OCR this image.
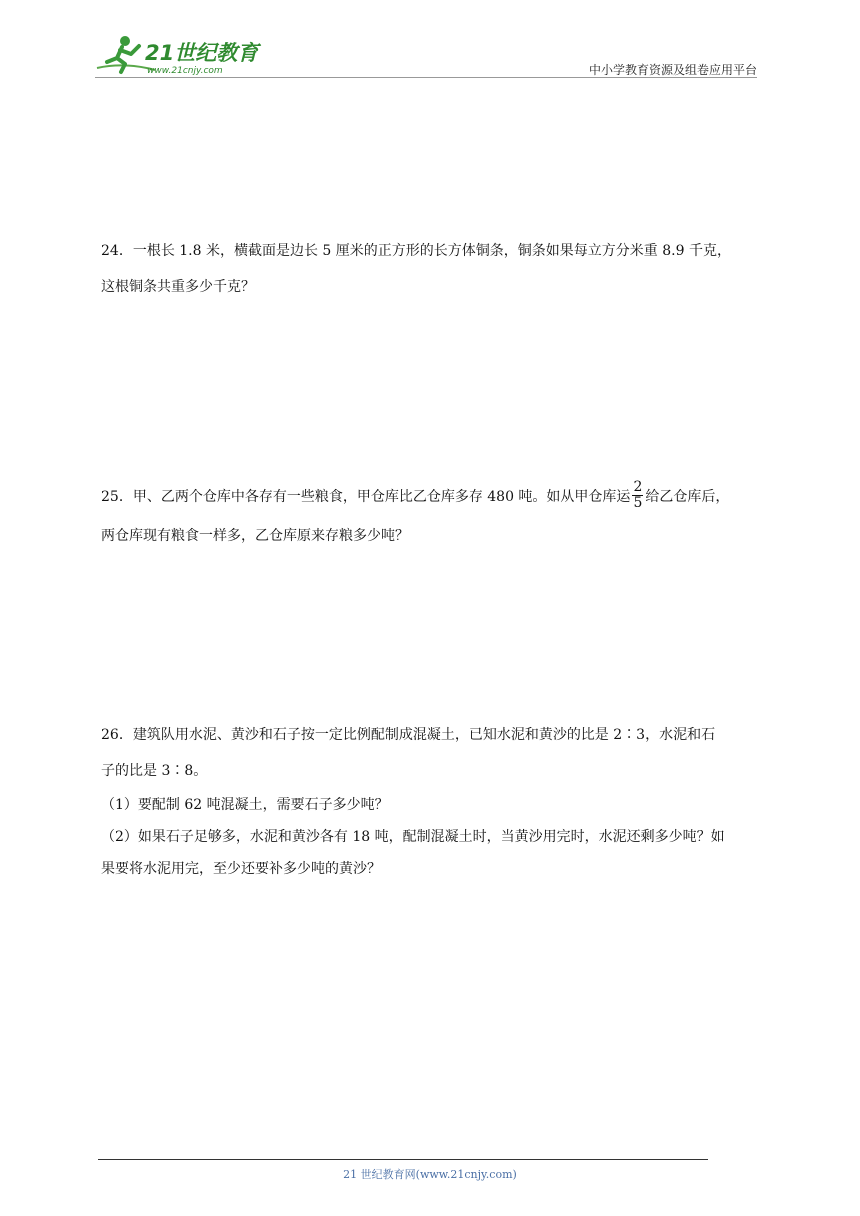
21世纪教育
www.21cnjy.com	中小学教育资源及组卷应用平台

24．一根长 1.8 米，横截面是边长 5 厘米的正方形的长方体铜条，铜条如果每立方分米重 8.9 千克，

这根铜条共重多少千克？

25．甲、乙两个仓库中各存有一些粮食，甲仓库比乙仓库多存 480 吨。如从甲仓库运 $\frac{2}{5}$ 给乙仓库后，

两仓库现有粮食一样多，乙仓库原来存粮多少吨？

26．建筑队用水泥、黄沙和石子按一定比例配制成混凝土，已知水泥和黄沙的比是 2∶3，水泥和石

子的比是 3∶8。

（1）要配制 62 吨混凝土，需要石子多少吨？

（2）如果石子足够多，水泥和黄沙各有 18 吨，配制混凝土时，当黄沙用完时，水泥还剩多少吨？如

果要将水泥用完，至少还要补多少吨的黄沙？

21 世纪教育网(www.21cnjy.com)
